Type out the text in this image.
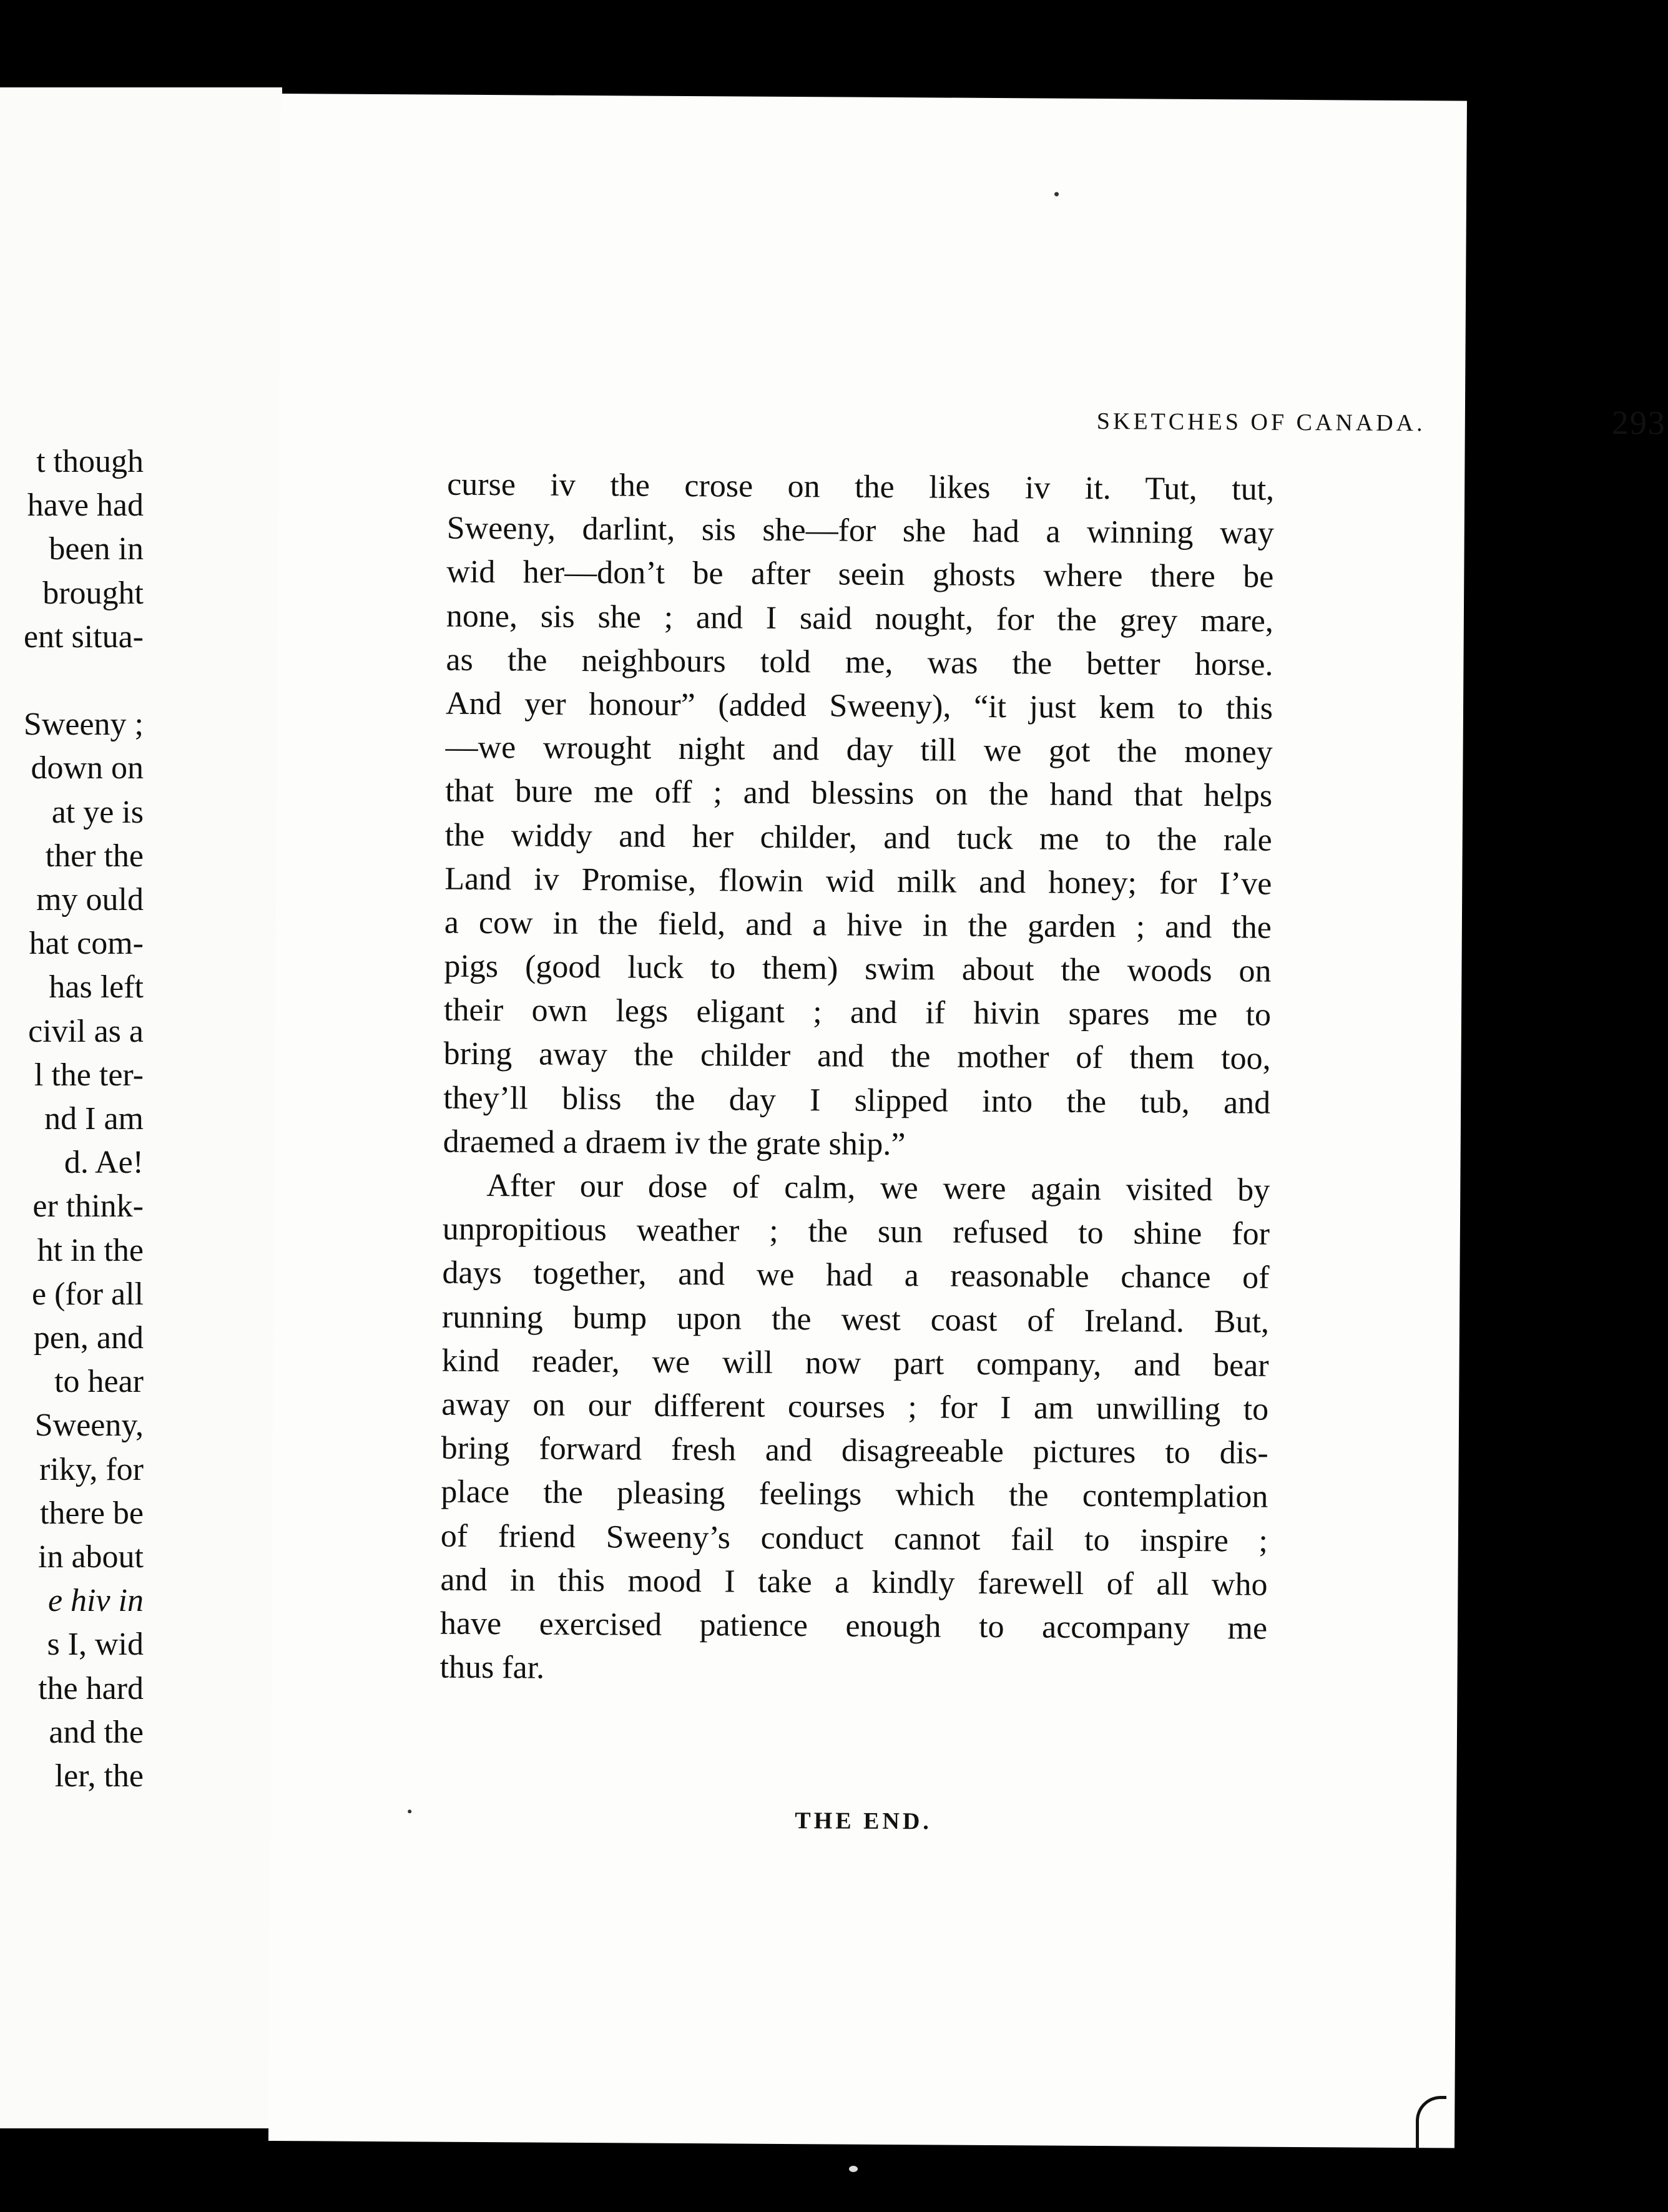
t though
have had
been in
brought
ent situa-

Sweeny ;
down on
at ye is
ther the
my ould
hat com-
has left
civil as a
l the ter-
nd I am
d. Ae!
er think-
ht in the
e (for all
pen, and
to hear
Sweeny,
riky, for
there be
in about
e hiv in
s I, wid
the hard
and the
ler, the
SKETCHES OF CANADA.	293
curse iv the crose on the likes iv it. Tut, tut,
Sweeny, darlint, sis she—for she had a winning way
wid her—don’t be after seein ghosts where there be
none, sis she ; and I said nought, for the grey mare,
as the neighbours told me, was the better horse.
And yer honour” (added Sweeny), “it just kem to this
—we wrought night and day till we got the money
that bure me off ; and blessins on the hand that helps
the widdy and her childer, and tuck me to the rale
Land iv Promise, flowin wid milk and honey; for I’ve
a cow in the field, and a hive in the garden ; and the
pigs (good luck to them) swim about the woods on
their own legs eligant ; and if hivin spares me to
bring away the childer and the mother of them too,
they’ll bliss the day I slipped into the tub, and
draemed a draem iv the grate ship.”
After our dose of calm, we were again visited by
unpropitious weather ; the sun refused to shine for
days together, and we had a reasonable chance of
running bump upon the west coast of Ireland. But,
kind reader, we will now part company, and bear
away on our different courses ; for I am unwilling to
bring forward fresh and disagreeable pictures to dis-
place the pleasing feelings which the contemplation
of friend Sweeny’s conduct cannot fail to inspire ;
and in this mood I take a kindly farewell of all who
have exercised patience enough to accompany me
thus far.
THE END.
